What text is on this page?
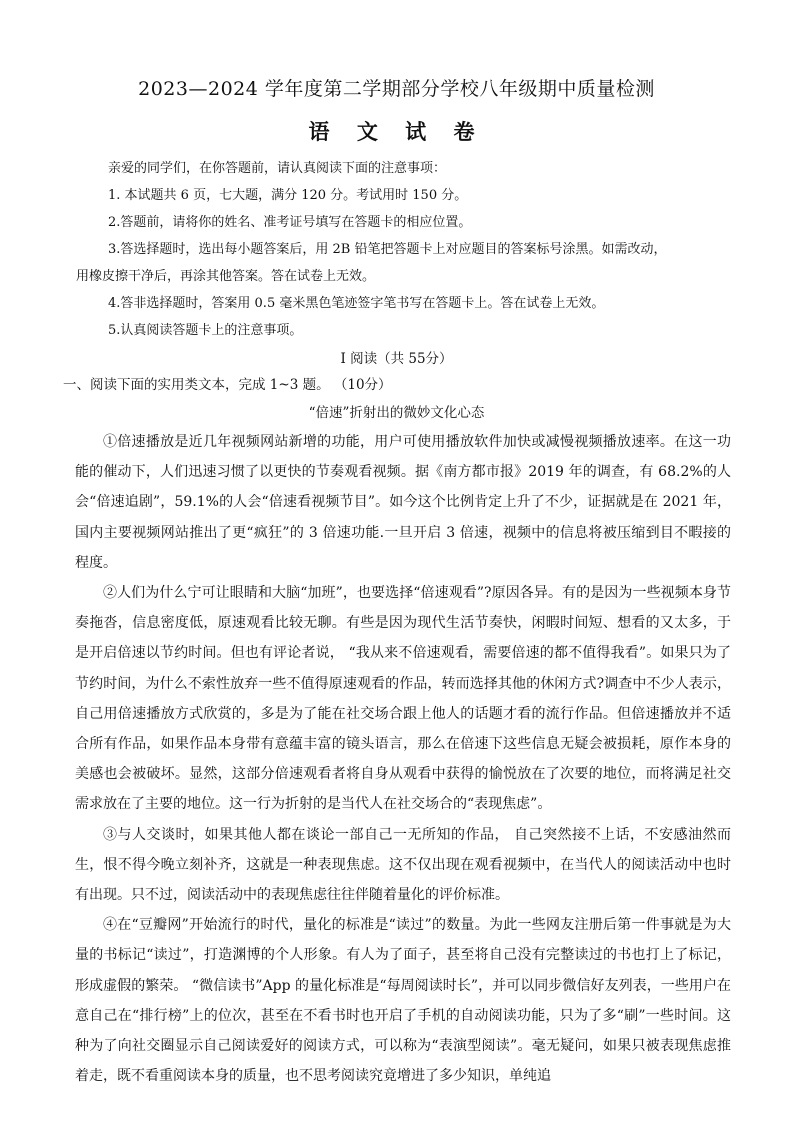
2023—2024 学年度第二学期部分学校八年级期中质量检测
语 文 试 卷

亲爱的同学们，在你答题前，请认真阅读下面的注意事项：

1. 本试题共 6 页，七大题，满分 120 分。考试用时 150 分。

2.答题前，请将你的姓名、准考证号填写在答题卡的相应位置。

3.答选择题时，选出每小题答案后，用 2B 铅笔把答题卡上对应题目的答案标号涂黑。如需改动，

用橡皮擦干净后，再涂其他答案。答在试卷上无效。

4.答非选择题时，答案用 0.5 毫米黑色笔迹签字笔书写在答题卡上。答在试卷上无效。

5.认真阅读答题卡上的注意事项。

Ⅰ 阅读（共 55分）
一、阅读下面的实用类文本，完成 1~3 题。 （10分）
“倍速”折射出的微妙文化心态

①倍速播放是近几年视频网站新增的功能，用户可使用播放软件加快或减慢视频播放速率。在这一功能的催动下，人们迅速习惯了以更快的节奏观看视频。据《南方都市报》2019 年的调查，有 68.2%的人会“倍速追剧”，59.1%的人会“倍速看视频节目”。如今这个比例肯定上升了不少，证据就是在 2021 年，国内主要视频网站推出了更“疯狂”的 3 倍速功能.一旦开启 3 倍速，视频中的信息将被压缩到目不暇接的程度。

②人们为什么宁可让眼睛和大脑“加班”，也要选择“倍速观看”?原因各异。有的是因为一些视频本身节奏拖沓，信息密度低，原速观看比较无聊。有些是因为现代生活节奏快，闲暇时间短、想看的又太多，于是开启倍速以节约时间。但也有评论者说， “我从来不倍速观看，需要倍速的都不值得我看”。如果只为了节约时间，为什么不索性放弃一些不值得原速观看的作品，转而选择其他的休闲方式?调查中不少人表示，自己用倍速播放方式欣赏的，多是为了能在社交场合跟上他人的话题才看的流行作品。但倍速播放并不适合所有作品，如果作品本身带有意蕴丰富的镜头语言，那么在倍速下这些信息无疑会被损耗，原作本身的美感也会被破坏。显然，这部分倍速观看者将自身从观看中获得的愉悦放在了次要的地位，而将满足社交需求放在了主要的地位。这一行为折射的是当代人在社交场合的“表现焦虑”。

③与人交谈时，如果其他人都在谈论一部自己一无所知的作品， 自己突然接不上话，不安感油然而生，恨不得今晚立刻补齐，这就是一种表现焦虑。这不仅出现在观看视频中，在当代人的阅读活动中也时有出现。只不过，阅读活动中的表现焦虑往往伴随着量化的评价标准。

④在“豆瓣网”开始流行的时代，量化的标准是“读过”的数量。为此一些网友注册后第一件事就是为大量的书标记“读过”，打造渊博的个人形象。有人为了面子，甚至将自己没有完整读过的书也打上了标记，形成虚假的繁荣。 “微信读书”App 的量化标准是“每周阅读时长”，并可以同步微信好友列表，一些用户在意自己在“排行榜”上的位次，甚至在不看书时也开启了手机的自动阅读功能，只为了多“刷”一些时间。这种为了向社交圈显示自己阅读爱好的阅读方式，可以称为“表演型阅读”。毫无疑问，如果只被表现焦虑推着走，既不看重阅读本身的质量，也不思考阅读究竟增进了多少知识，单纯追
